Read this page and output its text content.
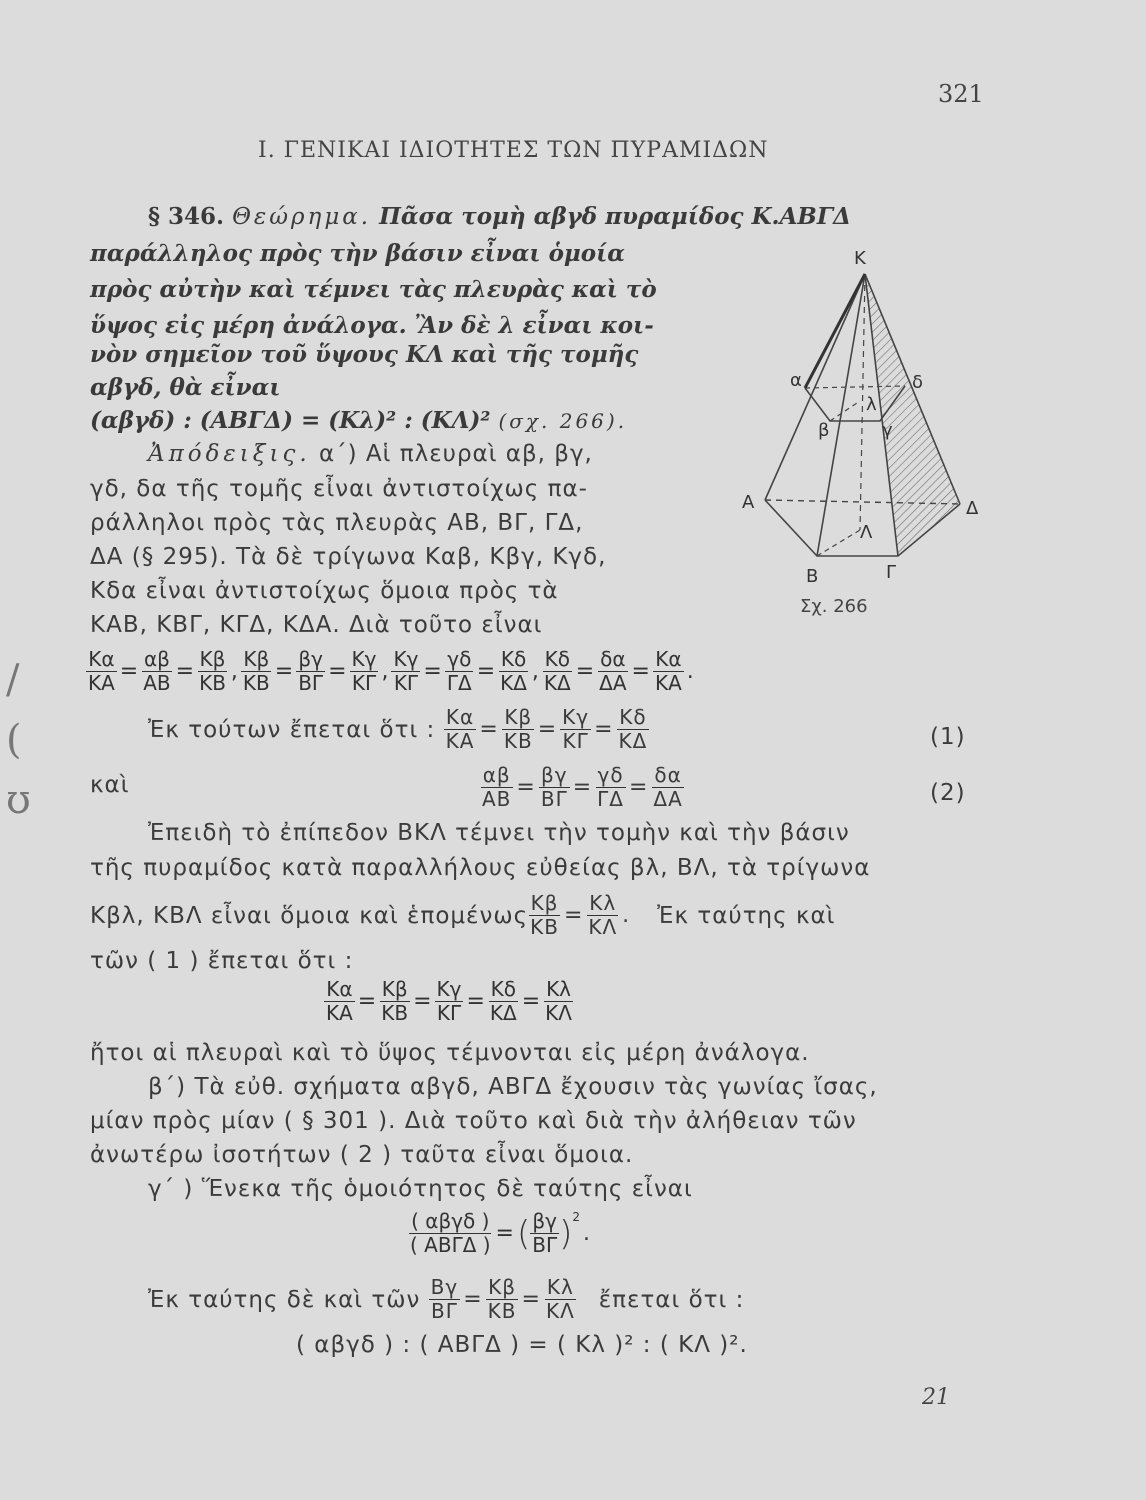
321
Ι. ΓΕΝΙΚΑΙ ΙΔΙΟΤΗΤΕΣ ΤΩΝ ΠΥΡΑΜΙΔΩΝ
§ 346. Θεώρημα. Πᾶσα τομὴ αβγδ πυραμίδος Κ.ΑΒΓΔ
παράλληλος πρὸς τὴν βάσιν εἶναι ὁμοία
πρὸς αὐτὴν καὶ τέμνει τὰς πλευρὰς καὶ τὸ
ὕψος εἰς μέρη ἀνάλογα. Ἂν δὲ λ εἶναι κοι-
νὸν σημεῖον τοῦ ὕψους ΚΛ καὶ τῆς τομῆς
αβγδ, θὰ εἶναι
(αβγδ) : (ΑΒΓΔ) = (Κλ)² : (ΚΛ)² (σχ. 266).
Ἀπόδειξις. α΄) Αἱ πλευραὶ αβ, βγ,
γδ, δα τῆς τομῆς εἶναι ἀντιστοίχως πα-
ράλληλοι πρὸς τὰς πλευρὰς ΑΒ, ΒΓ, ΓΔ,
ΔΑ (§ 295). Τὰ δὲ τρίγωνα Καβ, Κβγ, Κγδ,
Κδα εἶναι ἀντιστοίχως ὅμοια πρὸς τὰ
ΚΑΒ, ΚΒΓ, ΚΓΔ, ΚΔΑ. Διὰ τοῦτο εἶναι
Κ
α
β	γ
δ
λ
Α
Β	Γ
Δ
Λ
Σχ. 266
$\frac{K\alpha}{KA} = \frac{\alpha\beta}{AB} = \frac{K\beta}{KB}$ , $\frac{K\beta}{KB} = \frac{\beta\gamma}{B\Gamma} = \frac{K\gamma}{K\Gamma}$ , $\frac{K\gamma}{K\Gamma} = \frac{\gamma\delta}{\Gamma\Delta} = \frac{K\delta}{K\Delta}$ , $\frac{K\delta}{K\Delta} = \frac{\delta\alpha}{\Delta A} = \frac{K\alpha}{KA}$ .
Ἐκ τούτων ἔπεται ὅτι :
$\frac{K\alpha}{KA} = \frac{K\beta}{KB} = \frac{K\gamma}{K\Gamma} = \frac{K\delta}{K\Delta}$	(1)
καὶ	$\frac{\alpha\beta}{AB} = \frac{\beta\gamma}{B\Gamma} = \frac{\gamma\delta}{\Gamma\Delta} = \frac{\delta\alpha}{\Delta A}$	(2)
Ἐπειδὴ τὸ ἐπίπεδον ΒΚΛ τέμνει τὴν τομὴν καὶ τὴν βάσιν
τῆς πυραμίδος κατὰ παραλλήλους εὐθείας βλ, ΒΛ, τὰ τρίγωνα
Κβλ, ΚΒΛ εἶναι ὅμοια καὶ ἑπομένως $\frac{K\beta}{KB} = \frac{K\lambda}{K\Lambda}$ . Ἐκ ταύτης καὶ
τῶν ( 1 ) ἔπεται ὅτι :
$\frac{K\alpha}{KA} = \frac{K\beta}{KB} = \frac{K\gamma}{K\Gamma} = \frac{K\delta}{K\Delta} = \frac{K\lambda}{K\Lambda}$
ἤτοι αἱ πλευραὶ καὶ τὸ ὕψος τέμνονται εἰς μέρη ἀνάλογα.
β΄) Τὰ εὐθ. σχήματα αβγδ, ΑΒΓΔ ἔχουσιν τὰς γωνίας ἴσας,
μίαν πρὸς μίαν ( § 301 ). Διὰ τοῦτο καὶ διὰ τὴν ἀλήθειαν τῶν
ἀνωτέρω ἰσοτήτων ( 2 ) ταῦτα εἶναι ὅμοια.
γ΄ ) Ἕνεκα τῆς ὁμοιότητος δὲ ταύτης εἶναι
$\frac{\text{( αβγδ )}}{\text{( ΑΒΓΔ )}}$ = ( $\frac{\beta\gamma}{B\Gamma} )^2$
.
Ἐκ ταύτης δὲ καὶ τῶν
$\frac{B\gamma}{B\Gamma} = \frac{K\beta}{KB} = \frac{K\lambda}{K\Lambda}$ ἔπεται ὅτι :
( αβγδ ) : ( ΑΒΓΔ ) = ( Κλ )² : ( ΚΛ )².
21
/ ( ʊ
